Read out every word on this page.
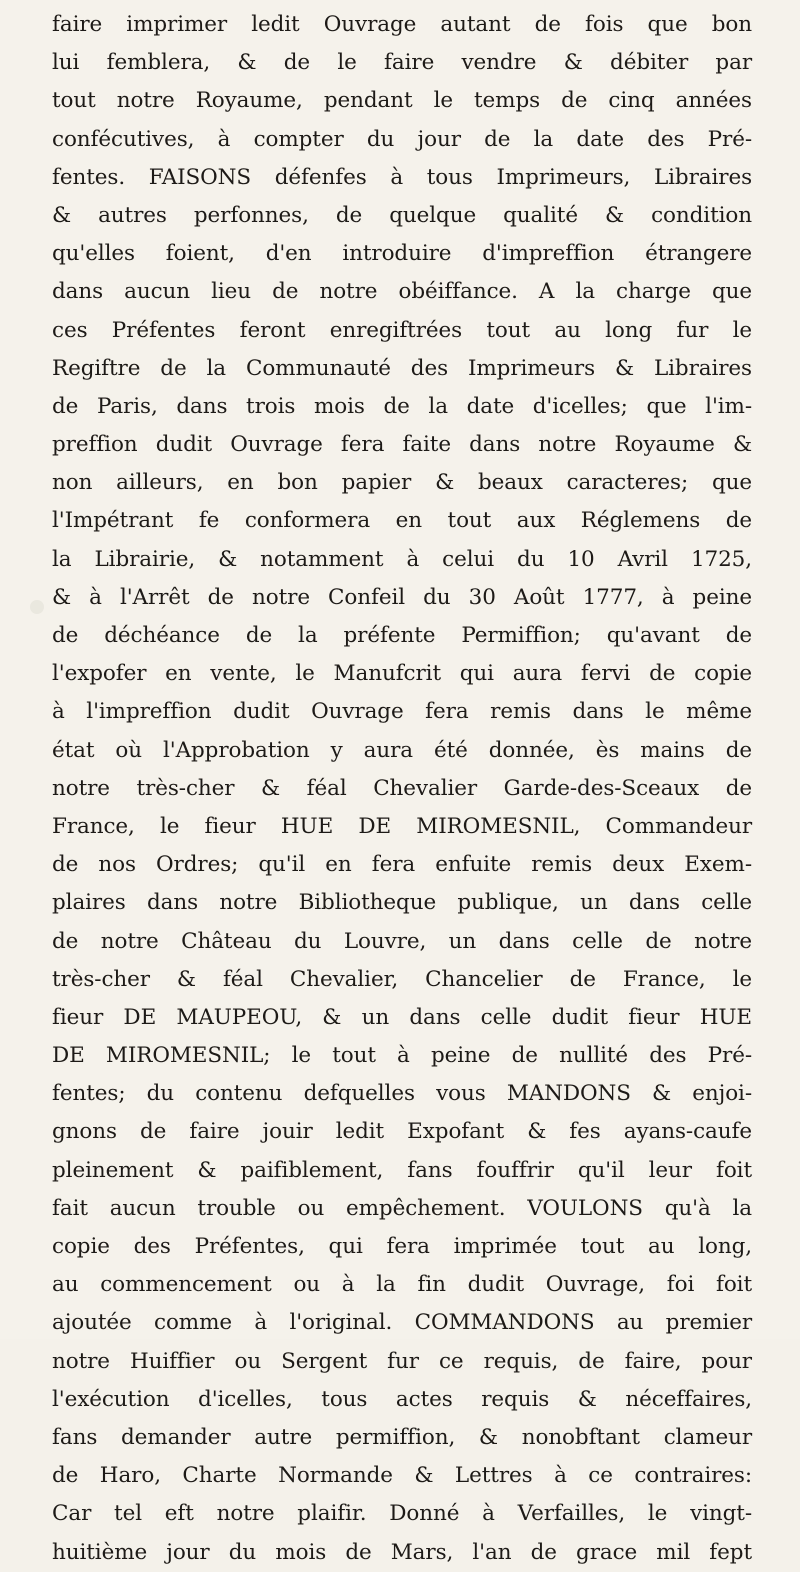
faire imprimer ledit Ouvrage autant de fois que bon
lui femblera, & de le faire vendre & débiter par
tout notre Royaume, pendant le temps de cinq années
confécutives, à compter du jour de la date des Pré-
fentes. FAISONS défenfes à tous Imprimeurs, Libraires
& autres perfonnes, de quelque qualité & condition
qu'elles foient, d'en introduire d'impreffion étrangere
dans aucun lieu de notre obéiffance. A la charge que
ces Préfentes feront enregiftrées tout au long fur le
Regiftre de la Communauté des Imprimeurs & Libraires
de Paris, dans trois mois de la date d'icelles; que l'im-
preffion dudit Ouvrage fera faite dans notre Royaume &
non ailleurs, en bon papier & beaux caracteres; que
l'Impétrant fe conformera en tout aux Réglemens de
la Librairie, & notamment à celui du 10 Avril 1725,
& à l'Arrêt de notre Confeil du 30 Août 1777, à peine
de déchéance de la préfente Permiffion; qu'avant de
l'expofer en vente, le Manufcrit qui aura fervi de copie
à l'impreffion dudit Ouvrage fera remis dans le même
état où l'Approbation y aura été donnée, ès mains de
notre très-cher & féal Chevalier Garde-des-Sceaux de
France, le fieur HUE DE MIROMESNIL, Commandeur
de nos Ordres; qu'il en fera enfuite remis deux Exem-
plaires dans notre Bibliotheque publique, un dans celle
de notre Château du Louvre, un dans celle de notre
très-cher & féal Chevalier, Chancelier de France, le
fieur DE MAUPEOU, & un dans celle dudit fieur HUE
DE MIROMESNIL; le tout à peine de nullité des Pré-
fentes; du contenu defquelles vous MANDONS & enjoi-
gnons de faire jouir ledit Expofant & fes ayans-caufe
pleinement & paifiblement, fans fouffrir qu'il leur foit
fait aucun trouble ou empêchement. VOULONS qu'à la
copie des Préfentes, qui fera imprimée tout au long,
au commencement ou à la fin dudit Ouvrage, foi foit
ajoutée comme à l'original. COMMANDONS au premier
notre Huiffier ou Sergent fur ce requis, de faire, pour
l'exécution d'icelles, tous actes requis & néceffaires,
fans demander autre permiffion, & nonobftant clameur
de Haro, Charte Normande & Lettres à ce contraires:
Car tel eft notre plaifir. Donné à Verfailles, le vingt-
huitième jour du mois de Mars, l'an de grace mil fept
